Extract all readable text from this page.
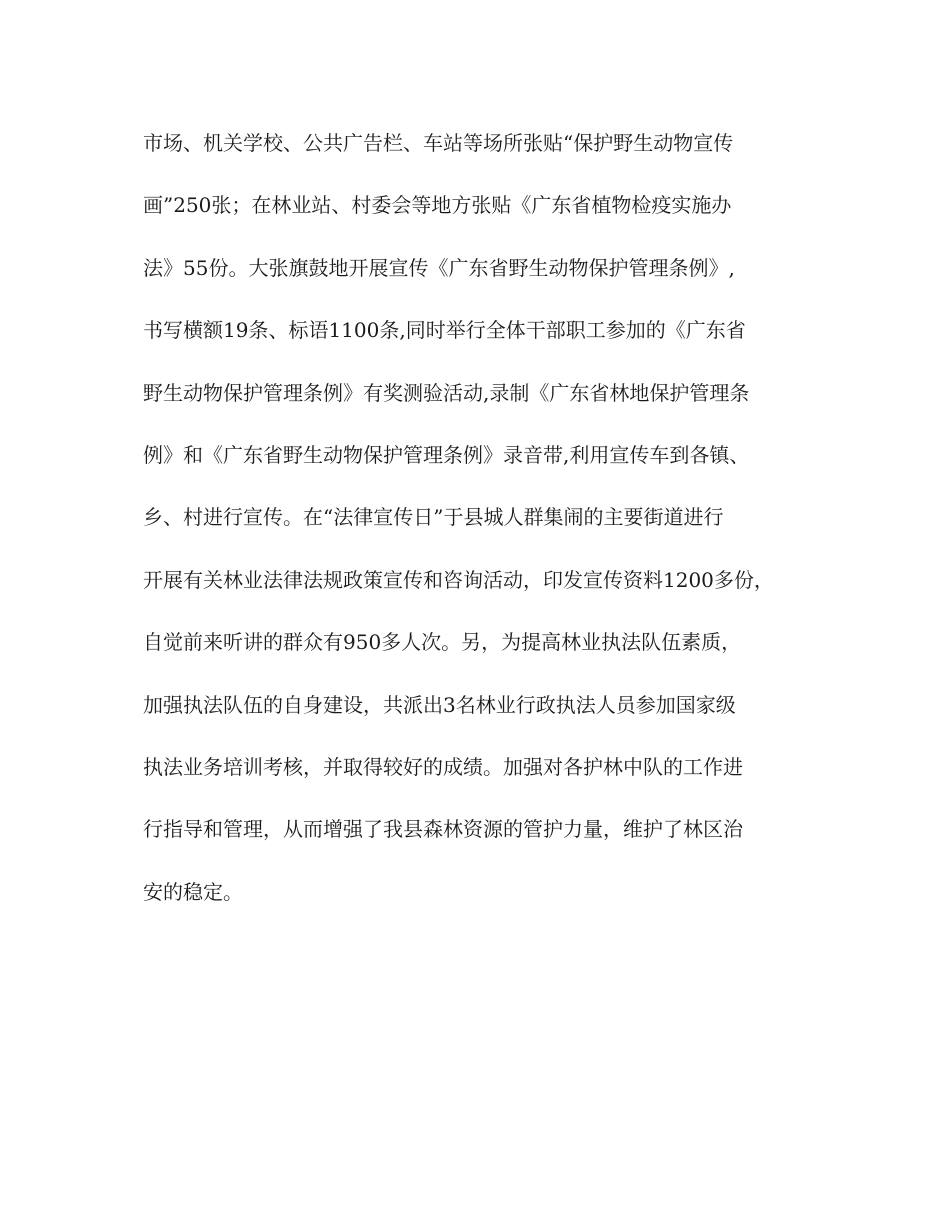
市场、机关学校、公共广告栏、车站等场所张贴“保护野生动物宣传
画”250张；在林业站、村委会等地方张贴《广东省植物检疫实施办
法》55份。大张旗鼓地开展宣传《广东省野生动物保护管理条例》,
书写横额19条、标语1100条,同时举行全体干部职工参加的《广东省
野生动物保护管理条例》有奖测验活动,录制《广东省林地保护管理条
例》和《广东省野生动物保护管理条例》录音带,利用宣传车到各镇、
乡、村进行宣传。在“法律宣传日”于县城人群集闹的主要街道进行
开展有关林业法律法规政策宣传和咨询活动，印发宣传资料1200多份，
自觉前来听讲的群众有950多人次。另，为提高林业执法队伍素质，
加强执法队伍的自身建设，共派出3名林业行政执法人员参加国家级
执法业务培训考核，并取得较好的成绩。加强对各护林中队的工作进
行指导和管理，从而增强了我县森林资源的管护力量，维护了林区治
安的稳定。
